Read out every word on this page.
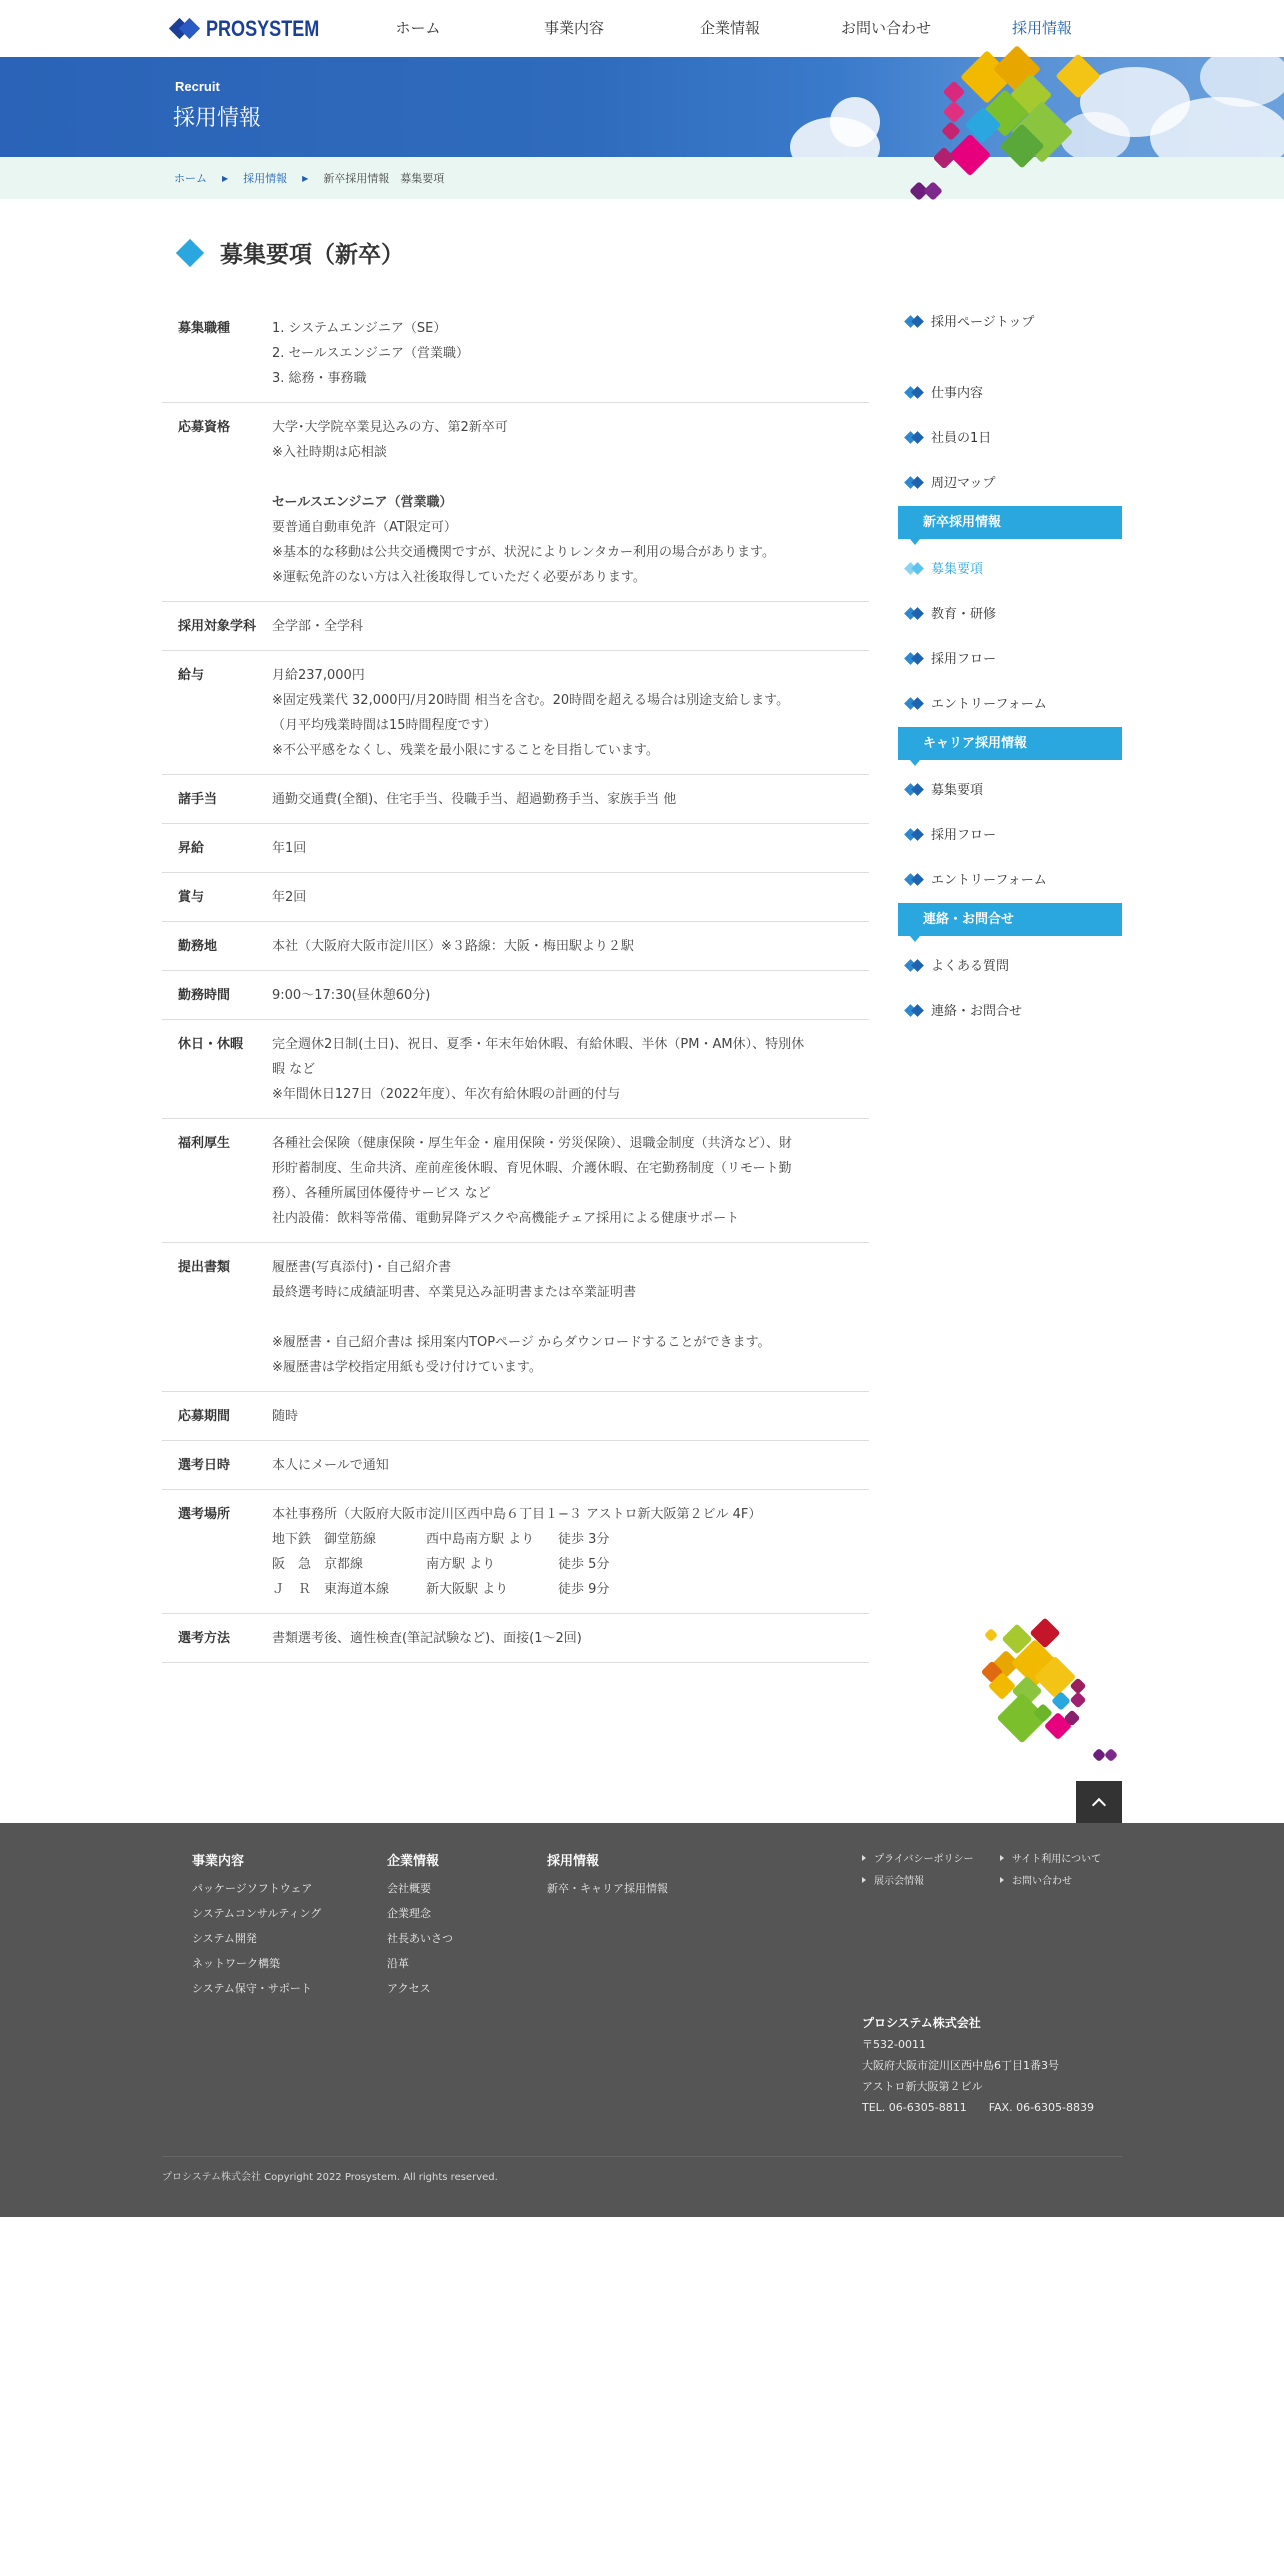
PROSYSTEM	ホーム	事業内容	企業情報	お問い合わせ	採用情報
Recruit
採用情報
ホーム ▶ 採用情報 ▶ 新卒採用情報　募集要項
募集要項（新卒）
募集職種	1. システムエンジニア（SE）
2. セールスエンジニア（営業職）
3. 総務・事務職
応募資格	大学･大学院卒業見込みの方、第2新卒可
※入社時期は応相談
セールスエンジニア（営業職）
要普通自動車免許（AT限定可）
※基本的な移動は公共交通機関ですが、状況によりレンタカー利用の場合があります。
※運転免許のない方は入社後取得していただく必要があります。
採用対象学科	全学部・全学科
給与	月給237,000円
※固定残業代 32,000円/月20時間 相当を含む。20時間を超える場合は別途支給します。
（月平均残業時間は15時間程度です）
※不公平感をなくし、残業を最小限にすることを目指しています。
諸手当	通勤交通費(全額)、住宅手当、役職手当、超過勤務手当、家族手当 他
昇給	年1回
賞与	年2回
勤務地	本社（大阪府大阪市淀川区）※３路線：大阪・梅田駅より２駅
勤務時間	9:00～17:30(昼休憩60分)
休日・休暇	完全週休2日制(土日)、祝日、夏季・年末年始休暇、有給休暇、半休（PM・AM休）、特別休
暇 など
※年間休日127日（2022年度）、年次有給休暇の計画的付与
福利厚生	各種社会保険（健康保険・厚生年金・雇用保険・労災保険）、退職金制度（共済など）、財
形貯蓄制度、生命共済、産前産後休暇、育児休暇、介護休暇、在宅勤務制度（リモート勤
務）、各種所属団体優待サービス など
社内設備：飲料等常備、電動昇降デスクや高機能チェア採用による健康サポート
提出書類	履歴書(写真添付)・自己紹介書
最終選考時に成績証明書、卒業見込み証明書または卒業証明書
※履歴書・自己紹介書は 採用案内TOPページ からダウンロードすることができます。
※履歴書は学校指定用紙も受け付けています。
応募期間	随時
選考日時	本人にメールで通知
選考場所	本社事務所（大阪府大阪市淀川区西中島６丁目１−３ アストロ新大阪第２ビル 4F）
地下鉄　御堂筋線	西中島南方駅 より	徒歩 3分
阪　急　京都線	南方駅 より	徒歩 5分
Ｊ　Ｒ　東海道本線	新大阪駅 より	徒歩 9分
選考方法	書類選考後、適性検査(筆記試験など)、面接(1～2回)
採用ページトップ
仕事内容
社員の1日
周辺マップ
新卒採用情報
募集要項
教育・研修
採用フロー
エントリーフォーム
キャリア採用情報
募集要項
採用フロー
エントリーフォーム
連絡・お問合せ
よくある質問
連絡・お問合せ
事業内容
パッケージソフトウェア
システムコンサルティング
システム開発
ネットワーク構築
システム保守・サポート
企業情報
会社概要
企業理念
社長あいさつ
沿革
アクセス
採用情報
新卒・キャリア採用情報
プライバシーポリシー	サイト利用について
展示会情報	お問い合わせ
プロシステム株式会社
〒532-0011
大阪府大阪市淀川区西中島6丁目1番3号
アストロ新大阪第２ビル
TEL. 06-6305-8811　　FAX. 06-6305-8839
プロシステム株式会社 Copyright 2022 Prosystem. All rights reserved.
